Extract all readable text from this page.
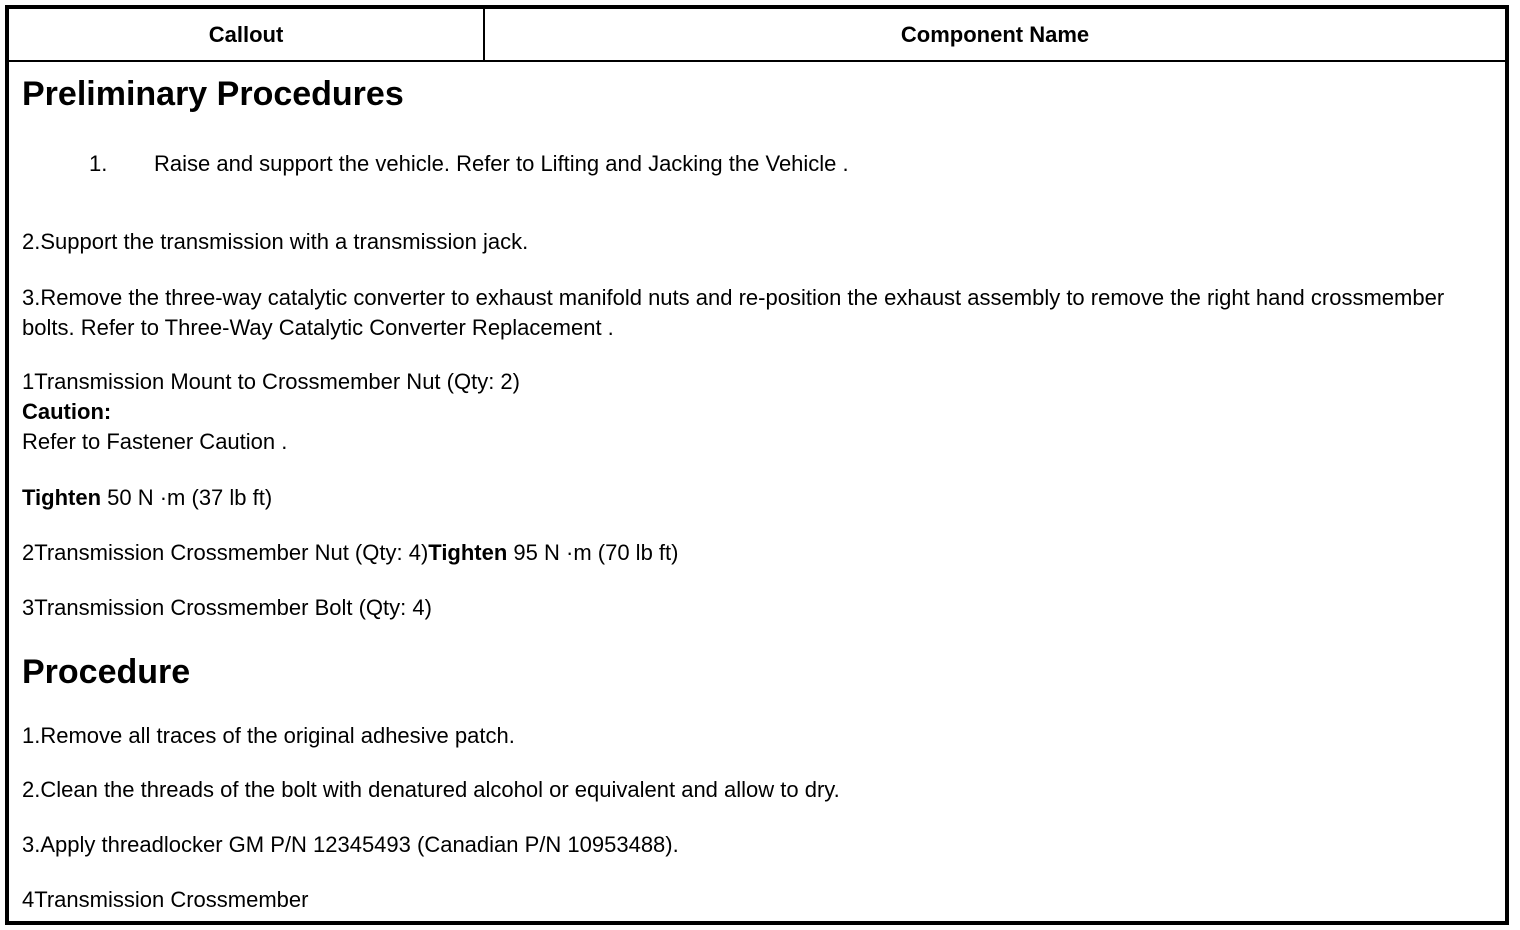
Callout	Component Name
Preliminary Procedures
1. Raise and support the vehicle. Refer to Lifting and Jacking the Vehicle .
2.Support the transmission with a transmission jack.
3.Remove the three-way catalytic converter to exhaust manifold nuts and re-position the exhaust assembly to remove the right hand crossmember bolts. Refer to Three-Way Catalytic Converter Replacement .
1Transmission Mount to Crossmember Nut (Qty: 2)
Caution:
Refer to Fastener Caution .
Tighten 50 N ·m (37 lb ft)
2Transmission Crossmember Nut (Qty: 4)Tighten 95 N ·m (70 lb ft)
3Transmission Crossmember Bolt (Qty: 4)
Procedure
1.Remove all traces of the original adhesive patch.
2.Clean the threads of the bolt with denatured alcohol or equivalent and allow to dry.
3.Apply threadlocker GM P/N 12345493 (Canadian P/N 10953488).
4Transmission Crossmember
